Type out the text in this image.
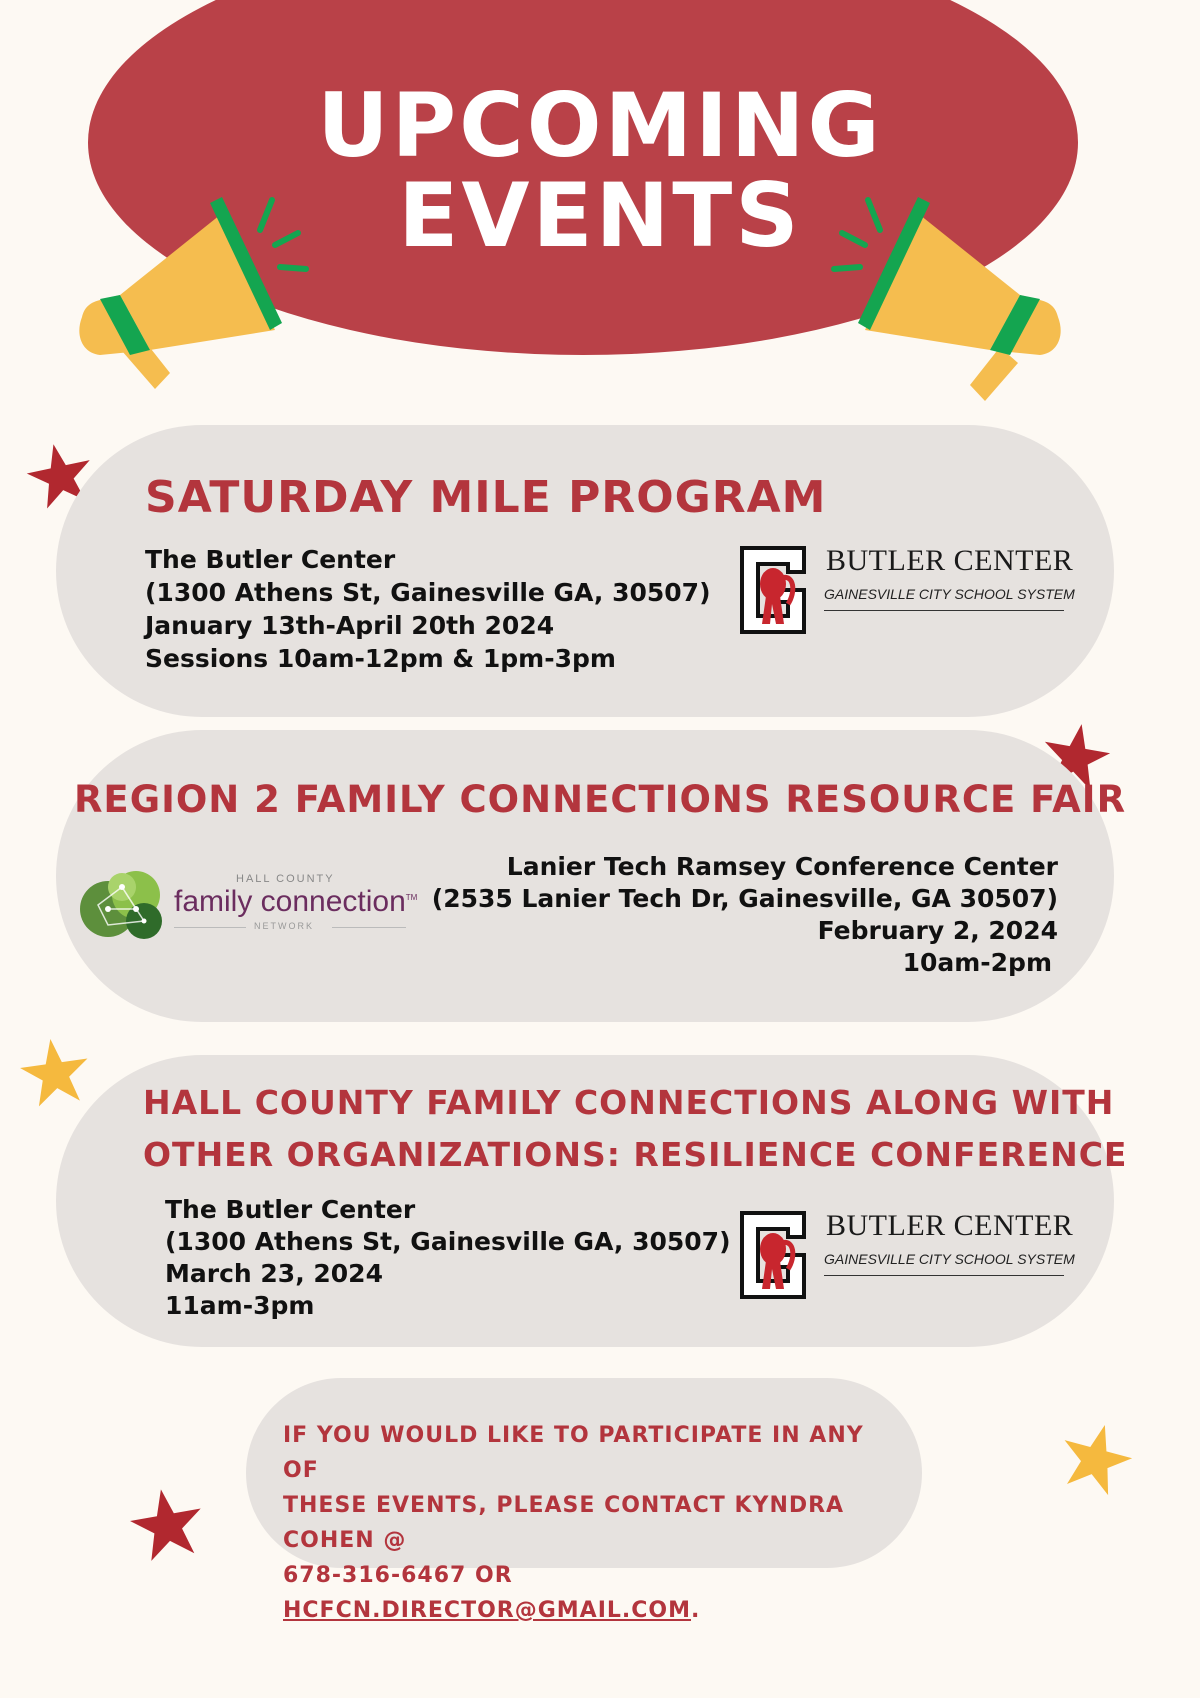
UPCOMING
EVENTS
SATURDAY MILE PROGRAM
The Butler Center
(1300 Athens St, Gainesville GA, 30507)
January 13th-April 20th 2024
Sessions 10am-12pm & 1pm-3pm
BUTLER CENTER
GAINESVILLE CITY SCHOOL SYSTEM
REGION 2 FAMILY CONNECTIONS RESOURCE FAIR
Lanier Tech Ramsey Conference Center
(2535 Lanier Tech Dr, Gainesville, GA 30507)
February 2, 2024
10am-2pm
HALL COUNTY
family connection™
NETWORK
HALL COUNTY FAMILY CONNECTIONS ALONG WITH
OTHER ORGANIZATIONS: RESILIENCE CONFERENCE
The Butler Center
(1300 Athens St, Gainesville GA, 30507)
March 23, 2024
11am-3pm
BUTLER CENTER
GAINESVILLE CITY SCHOOL SYSTEM
IF YOU WOULD LIKE TO PARTICIPATE IN ANY OF
THESE EVENTS, PLEASE CONTACT KYNDRA COHEN @
678-316-6467 OR HCFCN.DIRECTOR@GMAIL.COM.
